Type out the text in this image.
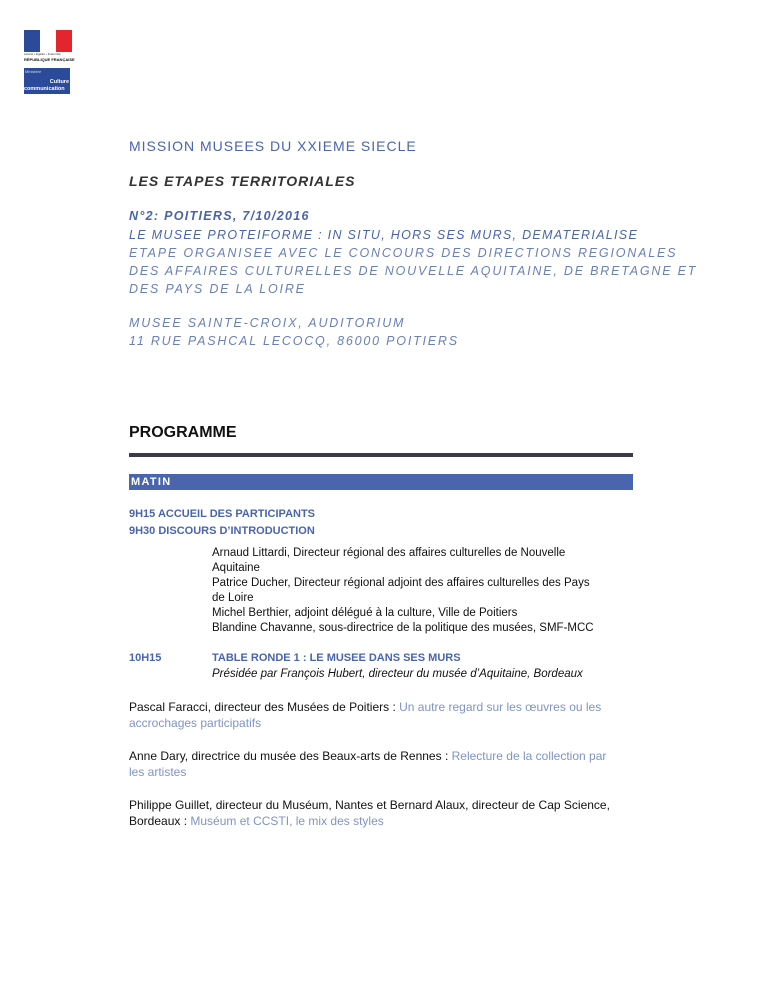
Liberté • Égalité • Fraternité
RÉPUBLIQUE FRANÇAISE
Ministère
Culture
communication
MISSION MUSEES DU XXIEME SIECLE
LES ETAPES TERRITORIALES
N°2: POITIERS, 7/10/2016
LE MUSEE PROTEIFORME : IN SITU, HORS SES MURS, DEMATERIALISE
ETAPE ORGANISEE AVEC LE CONCOURS DES DIRECTIONS REGIONALES
DES AFFAIRES CULTURELLES DE NOUVELLE AQUITAINE, DE BRETAGNE ET
DES PAYS DE LA LOIRE
MUSEE SAINTE-CROIX, AUDITORIUM
11 RUE PASHCAL LECOCQ, 86000 POITIERS
PROGRAMME
MATIN
9H15 ACCUEIL DES PARTICIPANTS
9H30 DISCOURS D’INTRODUCTION
Arnaud Littardi, Directeur régional des affaires culturelles de Nouvelle
Aquitaine
Patrice Ducher, Directeur régional adjoint des affaires culturelles des Pays
de Loire
Michel Berthier, adjoint délégué à la culture, Ville de Poitiers
Blandine Chavanne, sous-directrice de la politique des musées, SMF-MCC
10H15	TABLE RONDE 1 : LE MUSEE DANS SES MURS
Présidée par François Hubert, directeur du musée d’Aquitaine, Bordeaux
Pascal Faracci, directeur des Musées de Poitiers : Un autre regard sur les œuvres ou les
accrochages participatifs
Anne Dary, directrice du musée des Beaux-arts de Rennes : Relecture de la collection par
les artistes
Philippe Guillet, directeur du Muséum, Nantes et Bernard Alaux, directeur de Cap Science,
Bordeaux : Muséum et CCSTI, le mix des styles
